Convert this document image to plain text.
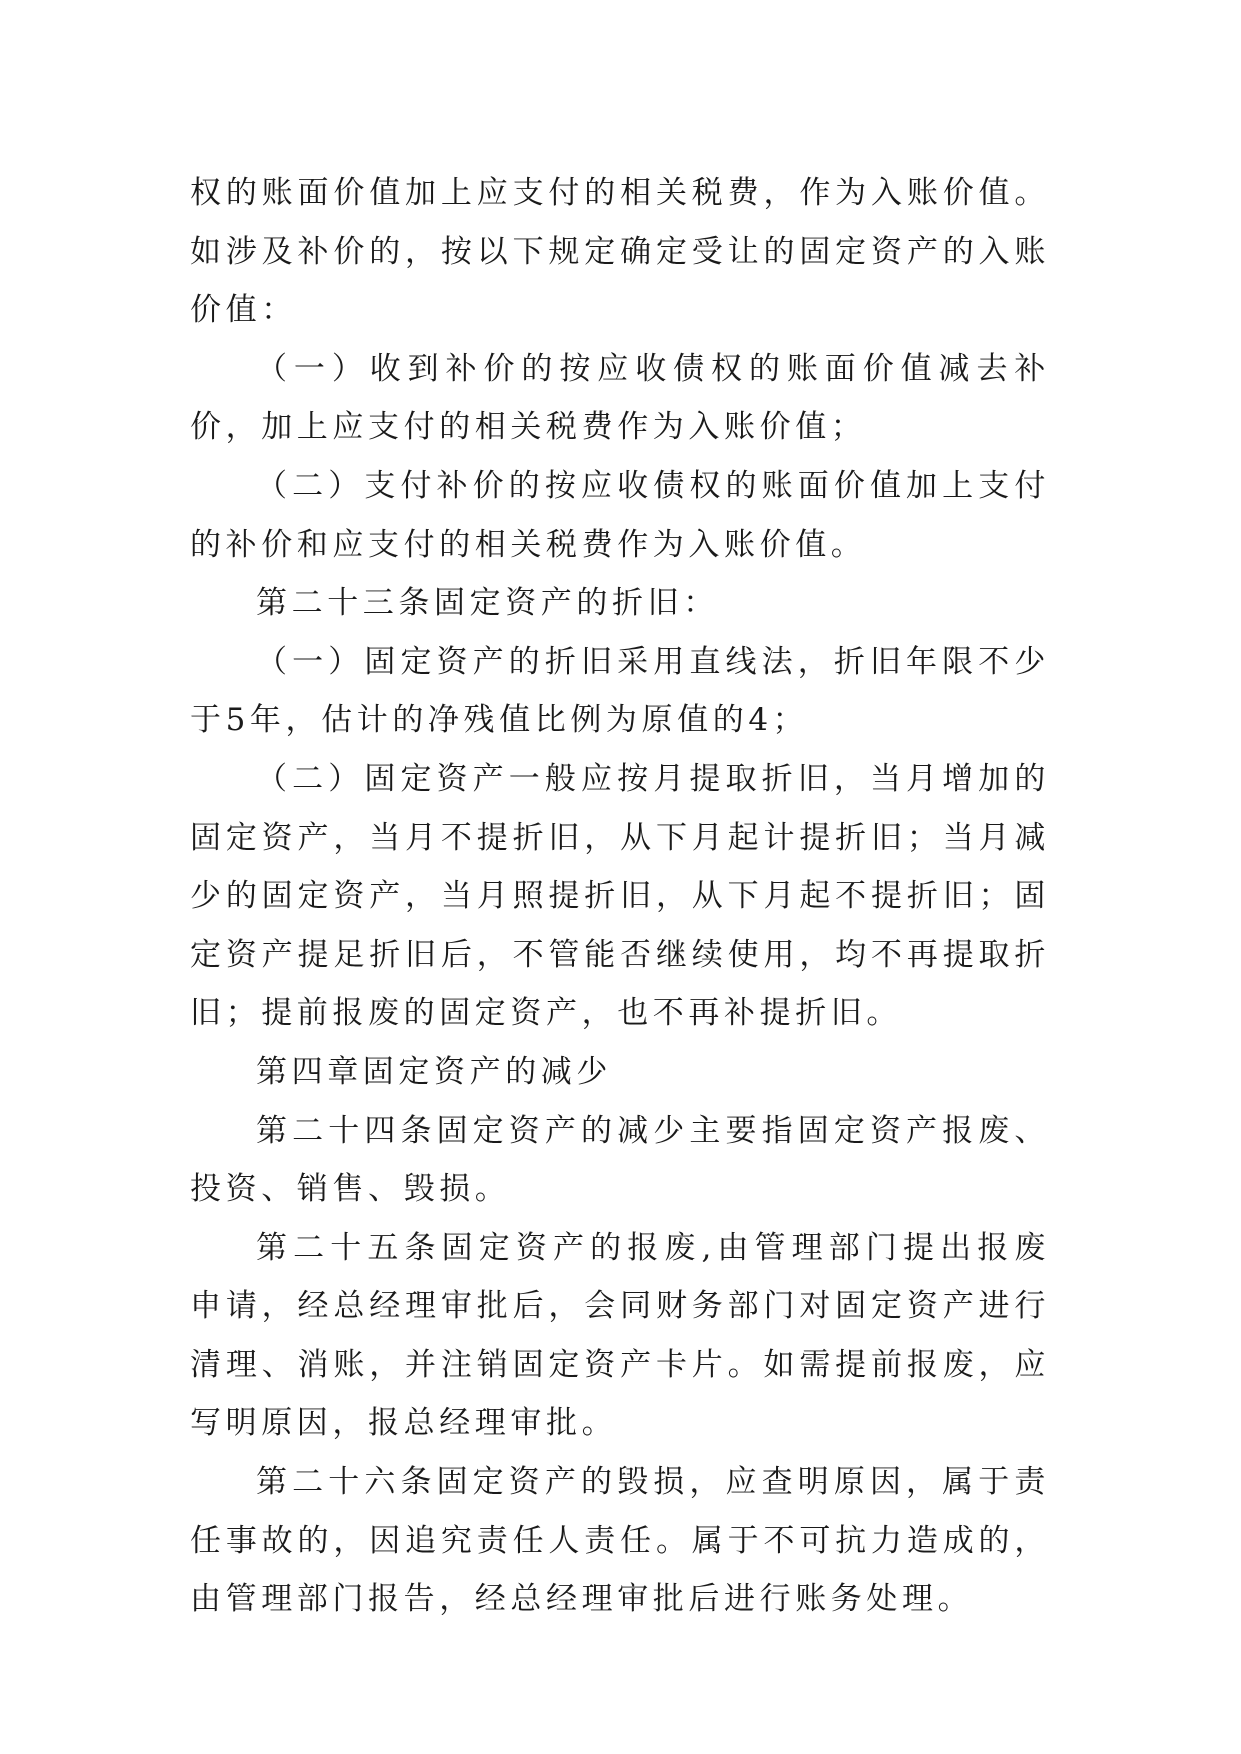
权的账面价值加上应支付的相关税费，作为入账价值。如涉及补价的，按以下规定确定受让的固定资产的入账价值：

（一）收到补价的按应收债权的账面价值减去补价，加上应支付的相关税费作为入账价值；

（二）支付补价的按应收债权的账面价值加上支付的补价和应支付的相关税费作为入账价值。

第二十三条固定资产的折旧：

（一）固定资产的折旧采用直线法，折旧年限不少于5年，估计的净残值比例为原值的4；

（二）固定资产一般应按月提取折旧，当月增加的固定资产，当月不提折旧，从下月起计提折旧；当月减少的固定资产，当月照提折旧，从下月起不提折旧；固定资产提足折旧后，不管能否继续使用，均不再提取折旧；提前报废的固定资产，也不再补提折旧。

第四章固定资产的减少

第二十四条固定资产的减少主要指固定资产报废、投资、销售、毁损。

第二十五条固定资产的报废,由管理部门提出报废申请，经总经理审批后，会同财务部门对固定资产进行清理、消账，并注销固定资产卡片。如需提前报废，应写明原因，报总经理审批。

第二十六条固定资产的毁损，应查明原因，属于责任事故的，因追究责任人责任。属于不可抗力造成的，由管理部门报告，经总经理审批后进行账务处理。
